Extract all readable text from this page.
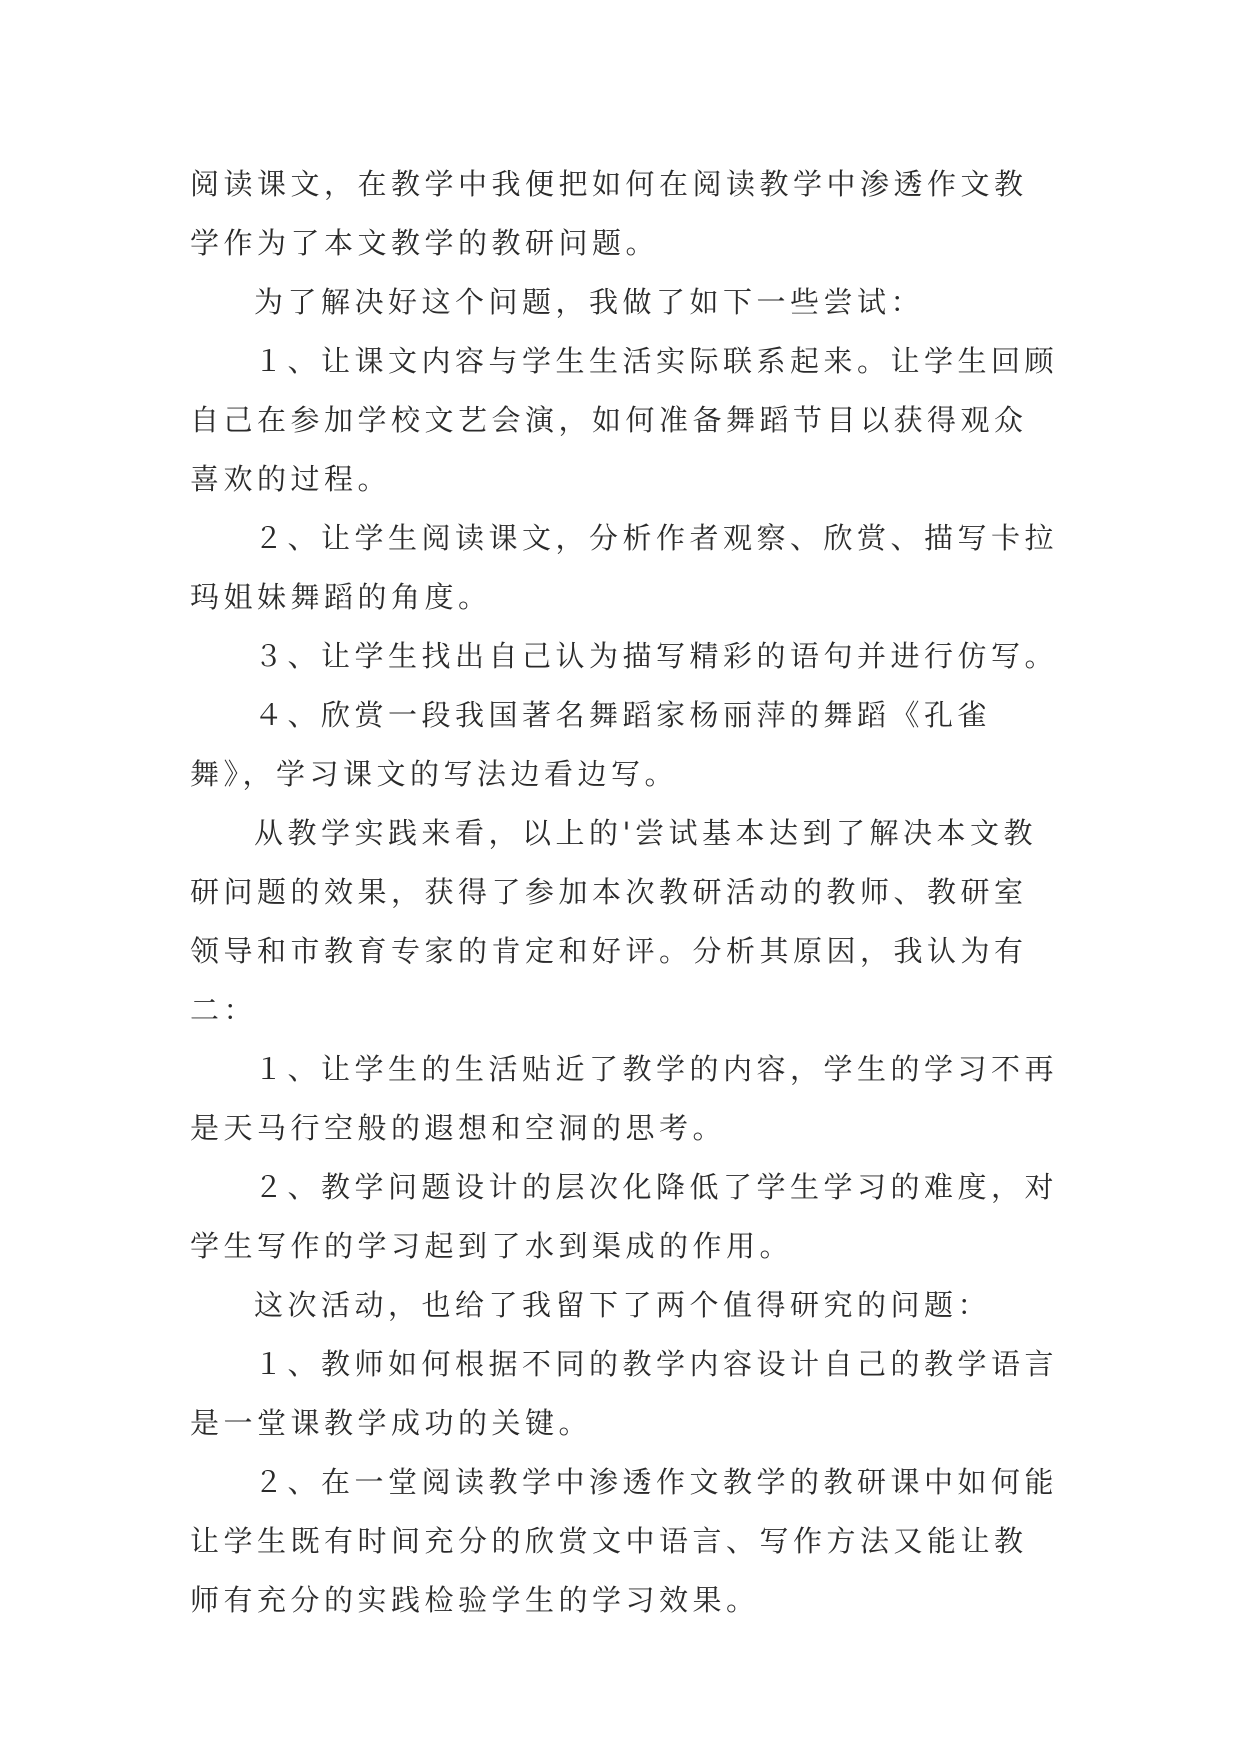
阅读课文，在教学中我便把如何在阅读教学中渗透作文教学作为了本文教学的教研问题。

为了解决好这个问题，我做了如下一些尝试：

１、让课文内容与学生生活实际联系起来。让学生回顾自己在参加学校文艺会演，如何准备舞蹈节目以获得观众喜欢的过程。

２、让学生阅读课文，分析作者观察、欣赏、描写卡拉玛姐妹舞蹈的角度。

３、让学生找出自己认为描写精彩的语句并进行仿写。

４、欣赏一段我国著名舞蹈家杨丽萍的舞蹈《孔雀舞》，学习课文的写法边看边写。

从教学实践来看，以上的'尝试基本达到了解决本文教研问题的效果，获得了参加本次教研活动的教师、教研室领导和市教育专家的肯定和好评。分析其原因，我认为有二：

１、让学生的生活贴近了教学的内容，学生的学习不再是天马行空般的遐想和空洞的思考。

２、教学问题设计的层次化降低了学生学习的难度，对学生写作的学习起到了水到渠成的作用。

这次活动，也给了我留下了两个值得研究的问题：

１、教师如何根据不同的教学内容设计自己的教学语言是一堂课教学成功的关键。

２、在一堂阅读教学中渗透作文教学的教研课中如何能让学生既有时间充分的欣赏文中语言、写作方法又能让教师有充分的实践检验学生的学习效果。
